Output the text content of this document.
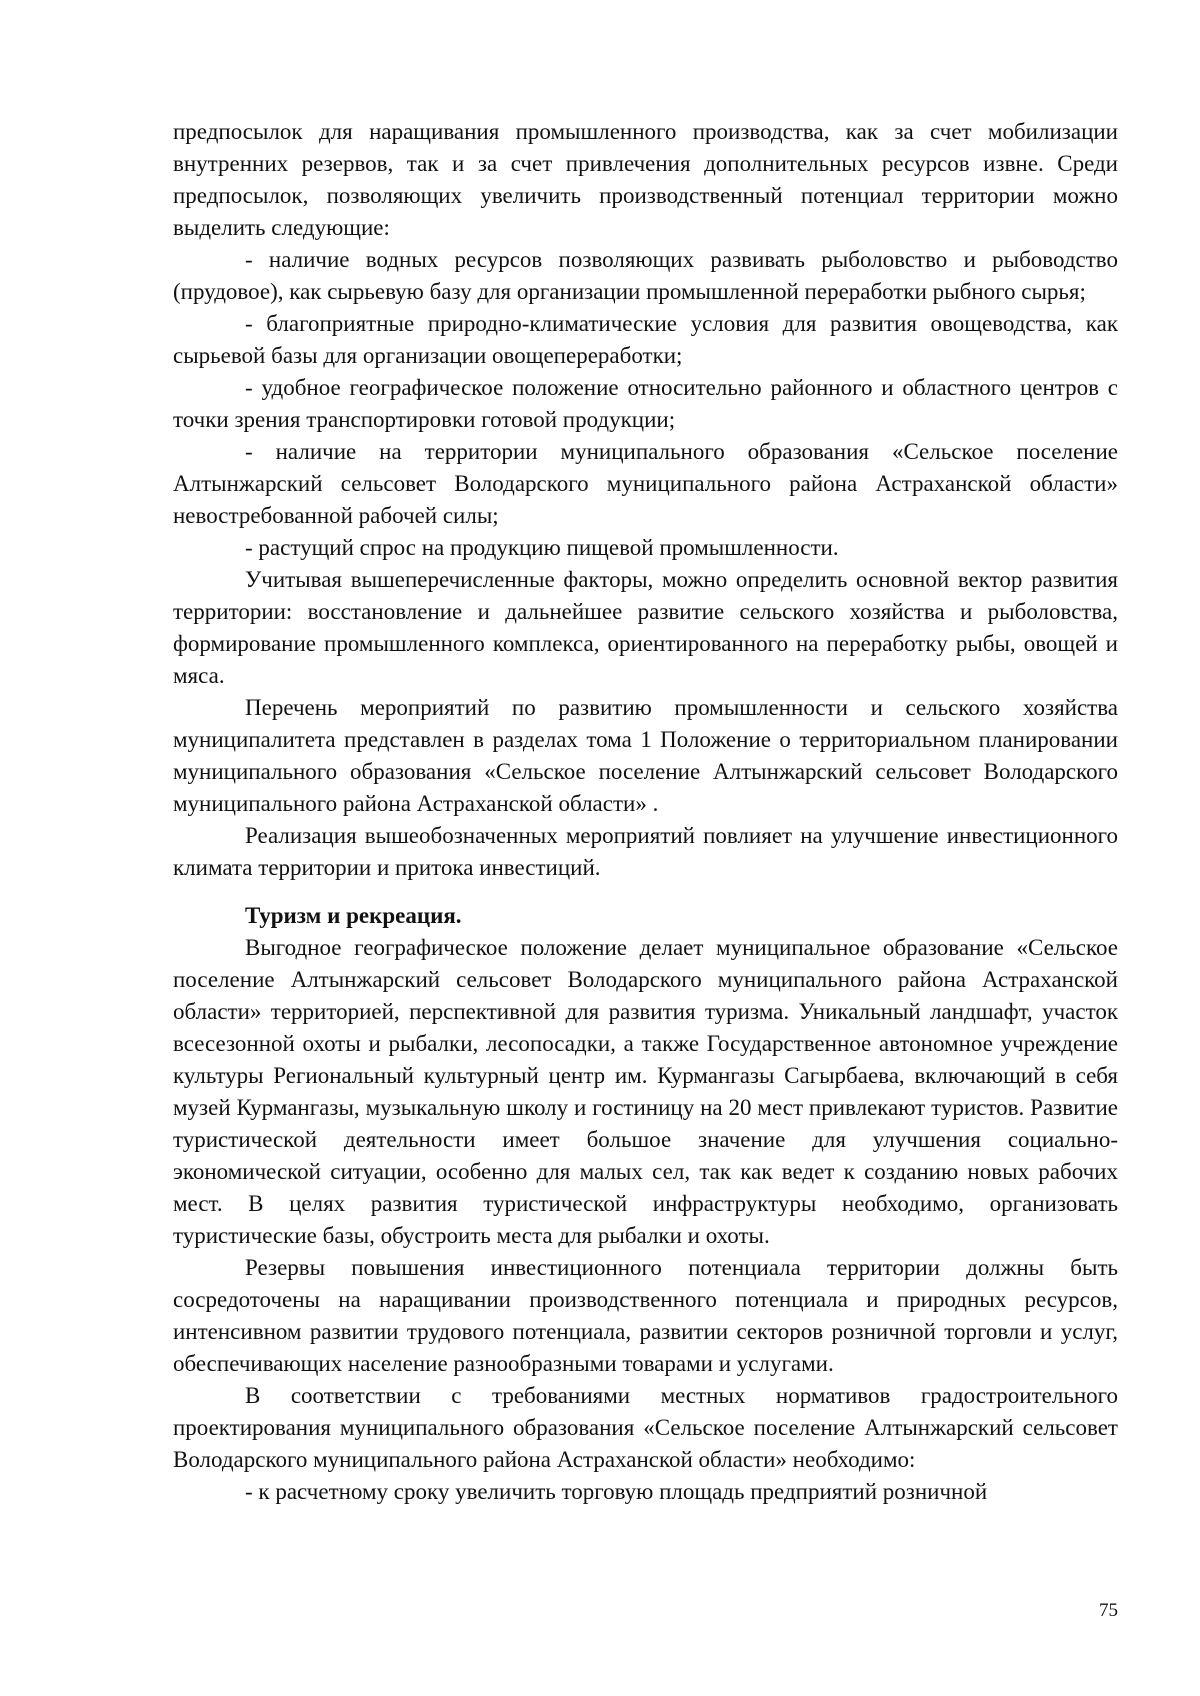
предпосылок для наращивания промышленного производства, как за счет мобилизации внутренних резервов, так и за счет привлечения дополнительных ресурсов извне. Среди предпосылок, позволяющих увеличить производственный потенциал территории можно выделить следующие:

- наличие водных ресурсов позволяющих развивать рыболовство и рыбоводство (прудовое), как сырьевую базу для организации промышленной переработки рыбного сырья;

- благоприятные природно-климатические условия для развития овощеводства, как сырьевой базы для организации овощепереработки;

- удобное географическое положение относительно районного и областного центров с точки зрения транспортировки готовой продукции;

- наличие на территории муниципального образования «Сельское поселение Алтынжарский сельсовет Володарского муниципального района Астраханской области» невостребованной рабочей силы;

- растущий спрос на продукцию пищевой промышленности.

Учитывая вышеперечисленные факторы, можно определить основной вектор развития территории: восстановление и дальнейшее развитие сельского хозяйства и рыболовства, формирование промышленного комплекса, ориентированного на переработку рыбы, овощей и мяса.

Перечень мероприятий по развитию промышленности и сельского хозяйства муниципалитета представлен в разделах тома 1 Положение о территориальном планировании муниципального образования «Сельское поселение Алтынжарский сельсовет Володарского муниципального района Астраханской области» .

Реализация вышеобозначенных мероприятий повлияет на улучшение инвестиционного климата территории и притока инвестиций.

Туризм и рекреация.

Выгодное географическое положение делает муниципальное образование «Сельское поселение Алтынжарский сельсовет Володарского муниципального района Астраханской области» территорией, перспективной для развития туризма. Уникальный ландшафт, участок всесезонной охоты и рыбалки, лесопосадки, а также Государственное автономное учреждение культуры Региональный культурный центр им. Курмангазы Сагырбаева, включающий в себя музей Курмангазы, музыкальную школу и гостиницу на 20 мест привлекают туристов. Развитие туристической деятельности имеет большое значение для улучшения социально-экономической ситуации, особенно для малых сел, так как ведет к созданию новых рабочих мест. В целях развития туристической инфраструктуры необходимо, организовать туристические базы, обустроить места для рыбалки и охоты.

Резервы повышения инвестиционного потенциала территории должны быть сосредоточены на наращивании производственного потенциала и природных ресурсов, интенсивном развитии трудового потенциала, развитии секторов розничной торговли и услуг, обеспечивающих население разнообразными товарами и услугами.

В соответствии с требованиями местных нормативов градостроительного проектирования муниципального образования «Сельское поселение Алтынжарский сельсовет Володарского муниципального района Астраханской области» необходимо:

- к расчетному сроку увеличить торговую площадь предприятий розничной

75
